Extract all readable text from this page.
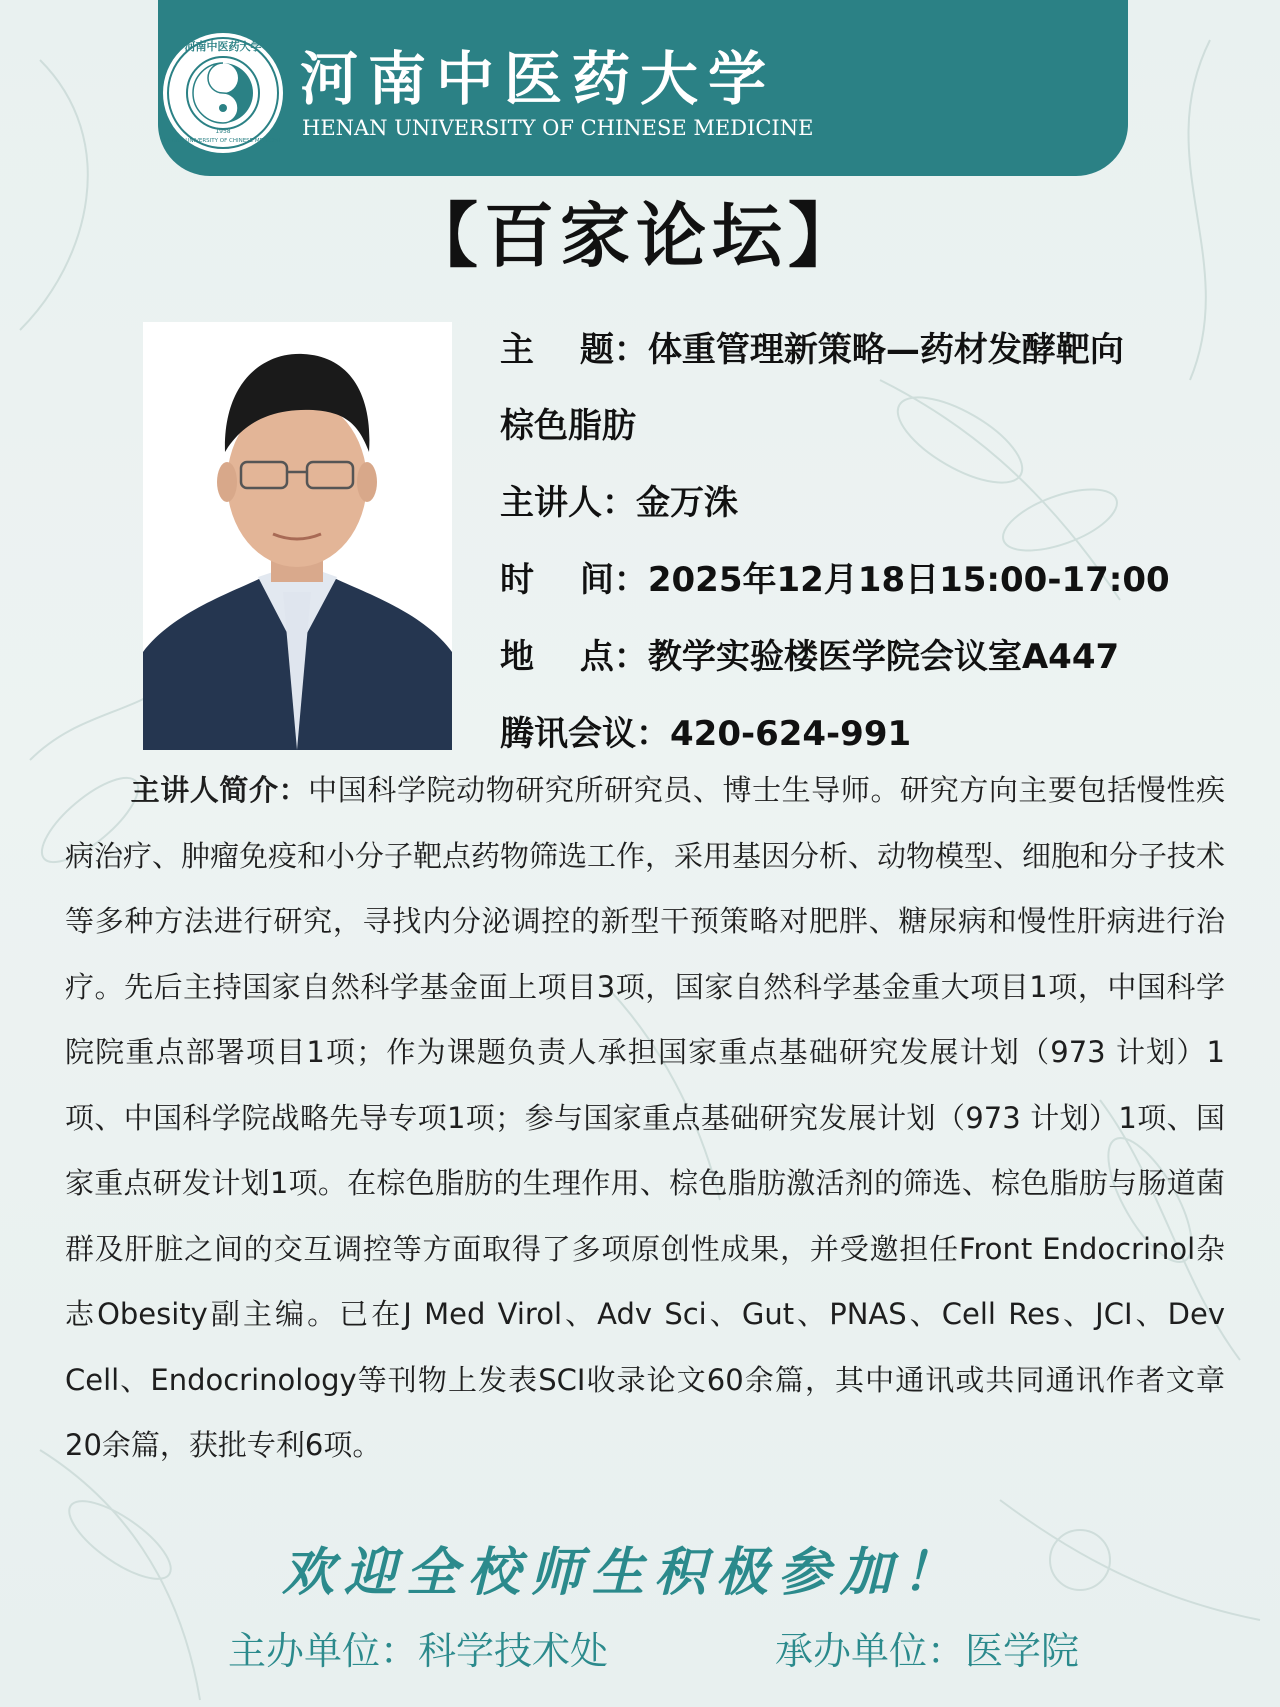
河南中医药大学
HENAN UNIVERSITY OF CHINESE MEDICINE
1958
河南中医药大学
HENAN UNIVERSITY OF CHINESE MEDICINE
【百家论坛】
主　 题：体重管理新策略—药材发酵靶向
棕色脂肪
主讲人：金万洙
时　 间：2025年12月18日15:00-17:00
地　 点：教学实验楼医学院会议室A447
腾讯会议：420-624-991
主讲人简介：中国科学院动物研究所研究员、博士生导师。研究方向主要包括慢性疾病治疗、肿瘤免疫和小分子靶点药物筛选工作，采用基因分析、动物模型、细胞和分子技术等多种方法进行研究，寻找内分泌调控的新型干预策略对肥胖、糖尿病和慢性肝病进行治疗。先后主持国家自然科学基金面上项目3项，国家自然科学基金重大项目1项，中国科学院院重点部署项目1项；作为课题负责人承担国家重点基础研究发展计划（973 计划）1 项、中国科学院战略先导专项1项；参与国家重点基础研究发展计划（973 计划）1项、国家重点研发计划1项。在棕色脂肪的生理作用、棕色脂肪激活剂的筛选、棕色脂肪与肠道菌群及肝脏之间的交互调控等方面取得了多项原创性成果，并受邀担任Front Endocrinol杂志Obesity副主编。已在J Med Virol、Adv Sci、Gut、PNAS、Cell Res、JCI、Dev Cell、Endocrinology等刊物上发表SCI收录论文60余篇，其中通讯或共同通讯作者文章20余篇，获批专利6项。
欢迎全校师生积极参加！
主办单位：科学技术处	承办单位：医学院
